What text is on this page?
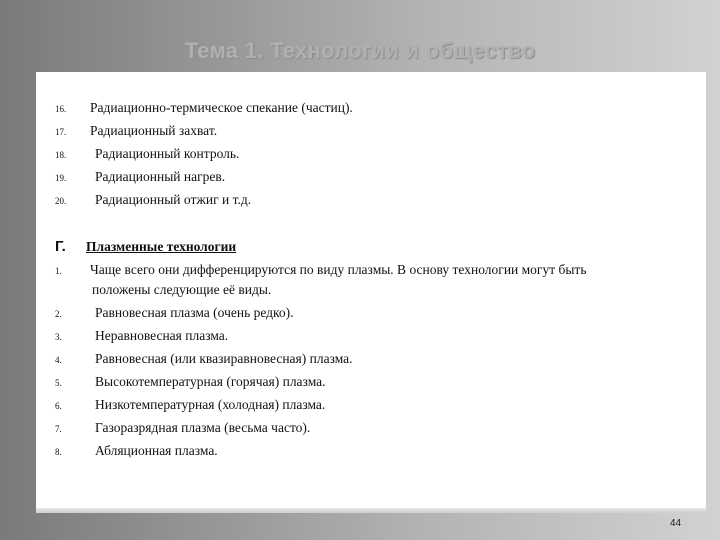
Тема 1. Технологии и общество
16. Радиационно-термическое спекание (частиц).
17. Радиационный захват.
18. Радиационный контроль.
19. Радиационный нагрев.
20. Радиационный отжиг и т.д.
Г. Плазменные технологии
1. Чаще всего они дифференцируются по виду плазмы. В основу технологии могут быть
положены следующие её виды.
2. Равновесная плазма (очень редко).
3. Неравновесная плазма.
4. Равновесная (или квазиравновесная) плазма.
5. Высокотемпературная (горячая) плазма.
6. Низкотемпературная (холодная) плазма.
7. Газоразрядная плазма (весьма часто).
8. Абляционная плазма.
44
